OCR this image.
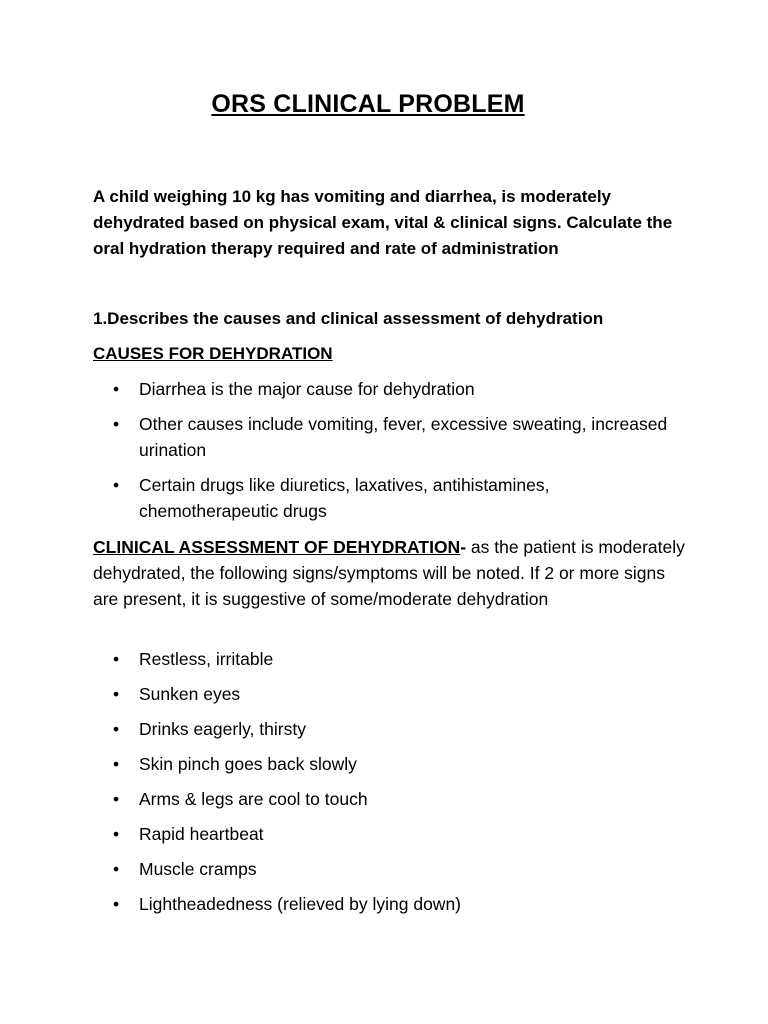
ORS CLINICAL PROBLEM
A child weighing 10 kg has vomiting and diarrhea, is moderately dehydrated based on physical exam, vital & clinical signs. Calculate the oral hydration therapy required and rate of administration
1.Describes the causes and clinical assessment of dehydration
CAUSES FOR DEHYDRATION
•	Diarrhea is the major cause for dehydration
•	Other causes include vomiting, fever, excessive sweating, increased urination
•	Certain drugs like diuretics, laxatives, antihistamines, chemotherapeutic drugs
CLINICAL ASSESSMENT OF DEHYDRATION- as the patient is moderately dehydrated, the following signs/symptoms will be noted. If 2 or more signs are present, it is suggestive of some/moderate dehydration
•	Restless, irritable
•	Sunken eyes
•	Drinks eagerly, thirsty
•	Skin pinch goes back slowly
•	Arms & legs are cool to touch
•	Rapid heartbeat
•	Muscle cramps
•	Lightheadedness (relieved by lying down)
